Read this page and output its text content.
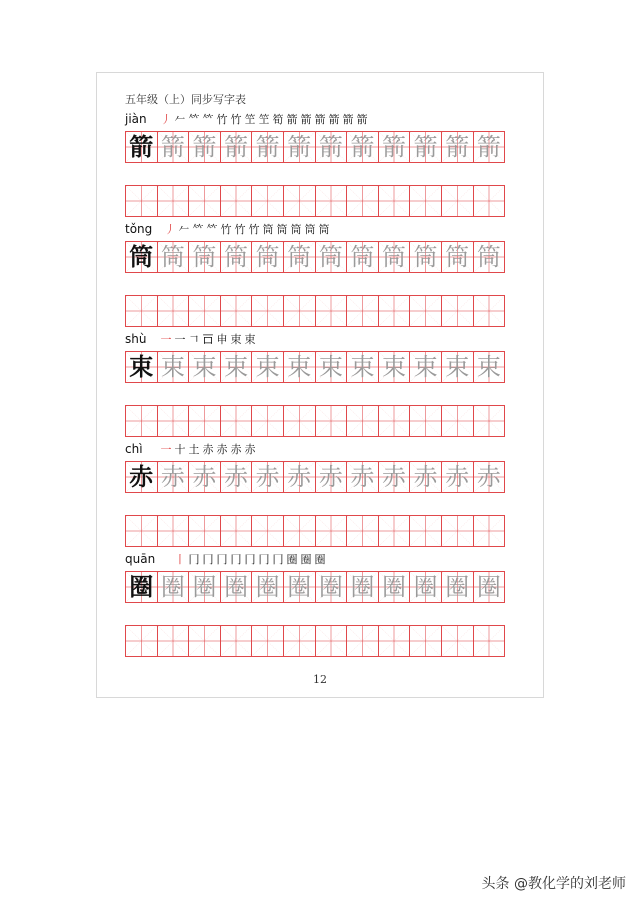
五年级（上）同步写字表
jiàn 丿 𠂉 𥫗 𥫗 竹 竹 笁 笁 筍 箭 箭 箭 箭 箭 箭
箭 箭 箭 箭 箭 箭 箭 箭 箭 箭 箭 箭
tǒng 丿 𠂉 𥫗 𥫗 竹 竹 竹 筒 筒 筒 筒 筒
筒 筒 筒 筒 筒 筒 筒 筒 筒 筒 筒 筒
shù 一 一 𠃍 𠮛 申 束 束
束 束 束 束 束 束 束 束 束 束 束 束
chì 一 十 土 赤 赤 赤 赤
赤 赤 赤 赤 赤 赤 赤 赤 赤 赤 赤 赤
quān 丨 冂 冂 冂 冂 冂 冂 冂 圈 圈 圈
圈 圈 圈 圈 圈 圈 圈 圈 圈 圈 圈 圈
12
头条 @教化学的刘老师
